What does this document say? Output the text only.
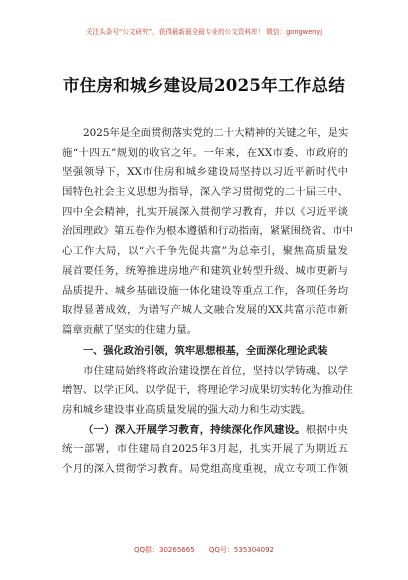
关注头条号“公文研究”，获得最新最全最专业的公文资料库！ 微信：gongwenyj
市住房和城乡建设局2025年工作总结
2025年是全面贯彻落实党的二十大精神的关键之年，是实
施“十四五”规划的收官之年。一年来，在XX市委、市政府的
坚强领导下，XX市住房和城乡建设局坚持以习近平新时代中
国特色社会主义思想为指导，深入学习贯彻党的二十届三中、
四中全会精神，扎实开展深入贯彻学习教育，并以《习近平谈
治国理政》第五卷作为根本遵循和行动指南，紧紧围绕省、市中
心工作大局，以“六千争先促共富”为总牵引，聚焦高质量发
展首要任务，统筹推进房地产和建筑业转型升级、城市更新与
品质提升、城乡基础设施一体化建设等重点工作，各项任务均
取得显著成效，为谱写产城人文融合发展的XX共富示范市新
篇章贡献了坚实的住建力量。
一、强化政治引领，筑牢思想根基，全面深化理论武装
市住建局始终将政治建设摆在首位，坚持以学铸魂、以学
增智、以学正风、以学促干，将理论学习成果切实转化为推动住
房和城乡建设事业高质量发展的强大动力和生动实践。
（一）深入开展学习教育，持续深化作风建设。根据中央
统一部署，市住建局自2025年3月起，扎实开展了为期近五
个月的深入贯彻学习教育。局党组高度重视，成立专项工作领
QQ群：30265665 QQ号：535304092
